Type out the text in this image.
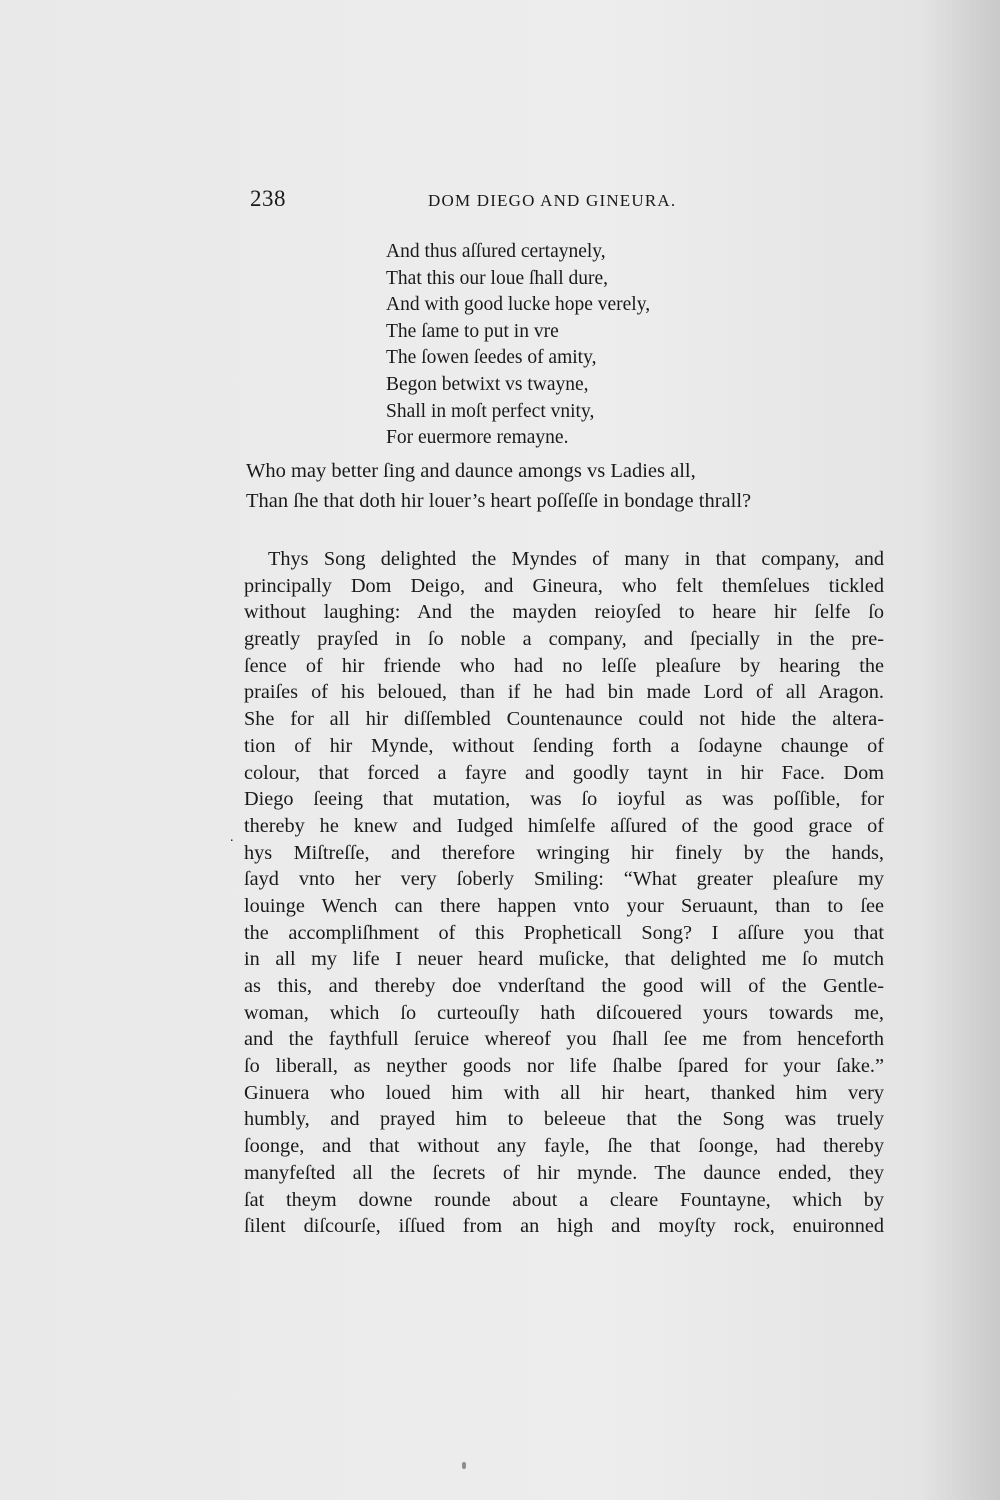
238	DOM DIEGO AND GINEURA.
And thus aſſured certaynely,
That this our loue ſhall dure,
And with good lucke hope verely,
The ſame to put in vre
The ſowen ſeedes of amity,
Begon betwixt vs twayne,
Shall in moſt perfect vnity,
For euermore remayne.
Who may better ſing and daunce amongs vs Ladies all,
Than ſhe that doth hir louer’s heart poſſeſſe in bondage thrall?
Thys Song delighted the Myndes of many in that company, and
principally Dom Deigo, and Gineura, who felt themſelues tickled
without laughing: And the mayden reioyſed to heare hir ſelfe ſo
greatly prayſed in ſo noble a company, and ſpecially in the pre-
ſence of hir friende who had no leſſe pleaſure by hearing the
praiſes of his beloued, than if he had bin made Lord of all Aragon.
She for all hir diſſembled Countenaunce could not hide the altera-
tion of hir Mynde, without ſending forth a ſodayne chaunge of
colour, that forced a fayre and goodly taynt in hir Face. Dom
Diego ſeeing that mutation, was ſo ioyful as was poſſible, for
thereby he knew and Iudged himſelfe aſſured of the good grace of
hys Miſtreſſe, and therefore wringing hir finely by the hands,
ſayd vnto her very ſoberly Smiling: “What greater pleaſure my
louinge Wench can there happen vnto your Seruaunt, than to ſee
the accompliſhment of this Propheticall Song? I aſſure you that
in all my life I neuer heard muſicke, that delighted me ſo mutch
as this, and thereby doe vnderſtand the good will of the Gentle-
woman, which ſo curteouſly hath diſcouered yours towards me,
and the faythfull ſeruice whereof you ſhall ſee me from henceforth
ſo liberall, as neyther goods nor life ſhalbe ſpared for your ſake.”
Ginuera who loued him with all hir heart, thanked him very
humbly, and prayed him to beleeue that the Song was truely
ſoonge, and that without any fayle, ſhe that ſoonge, had thereby
manyfeſted all the ſecrets of hir mynde. The daunce ended, they
ſat theym downe rounde about a cleare Fountayne, which by
ſilent diſcourſe, iſſued from an high and moyſty rock, enuironned
.
